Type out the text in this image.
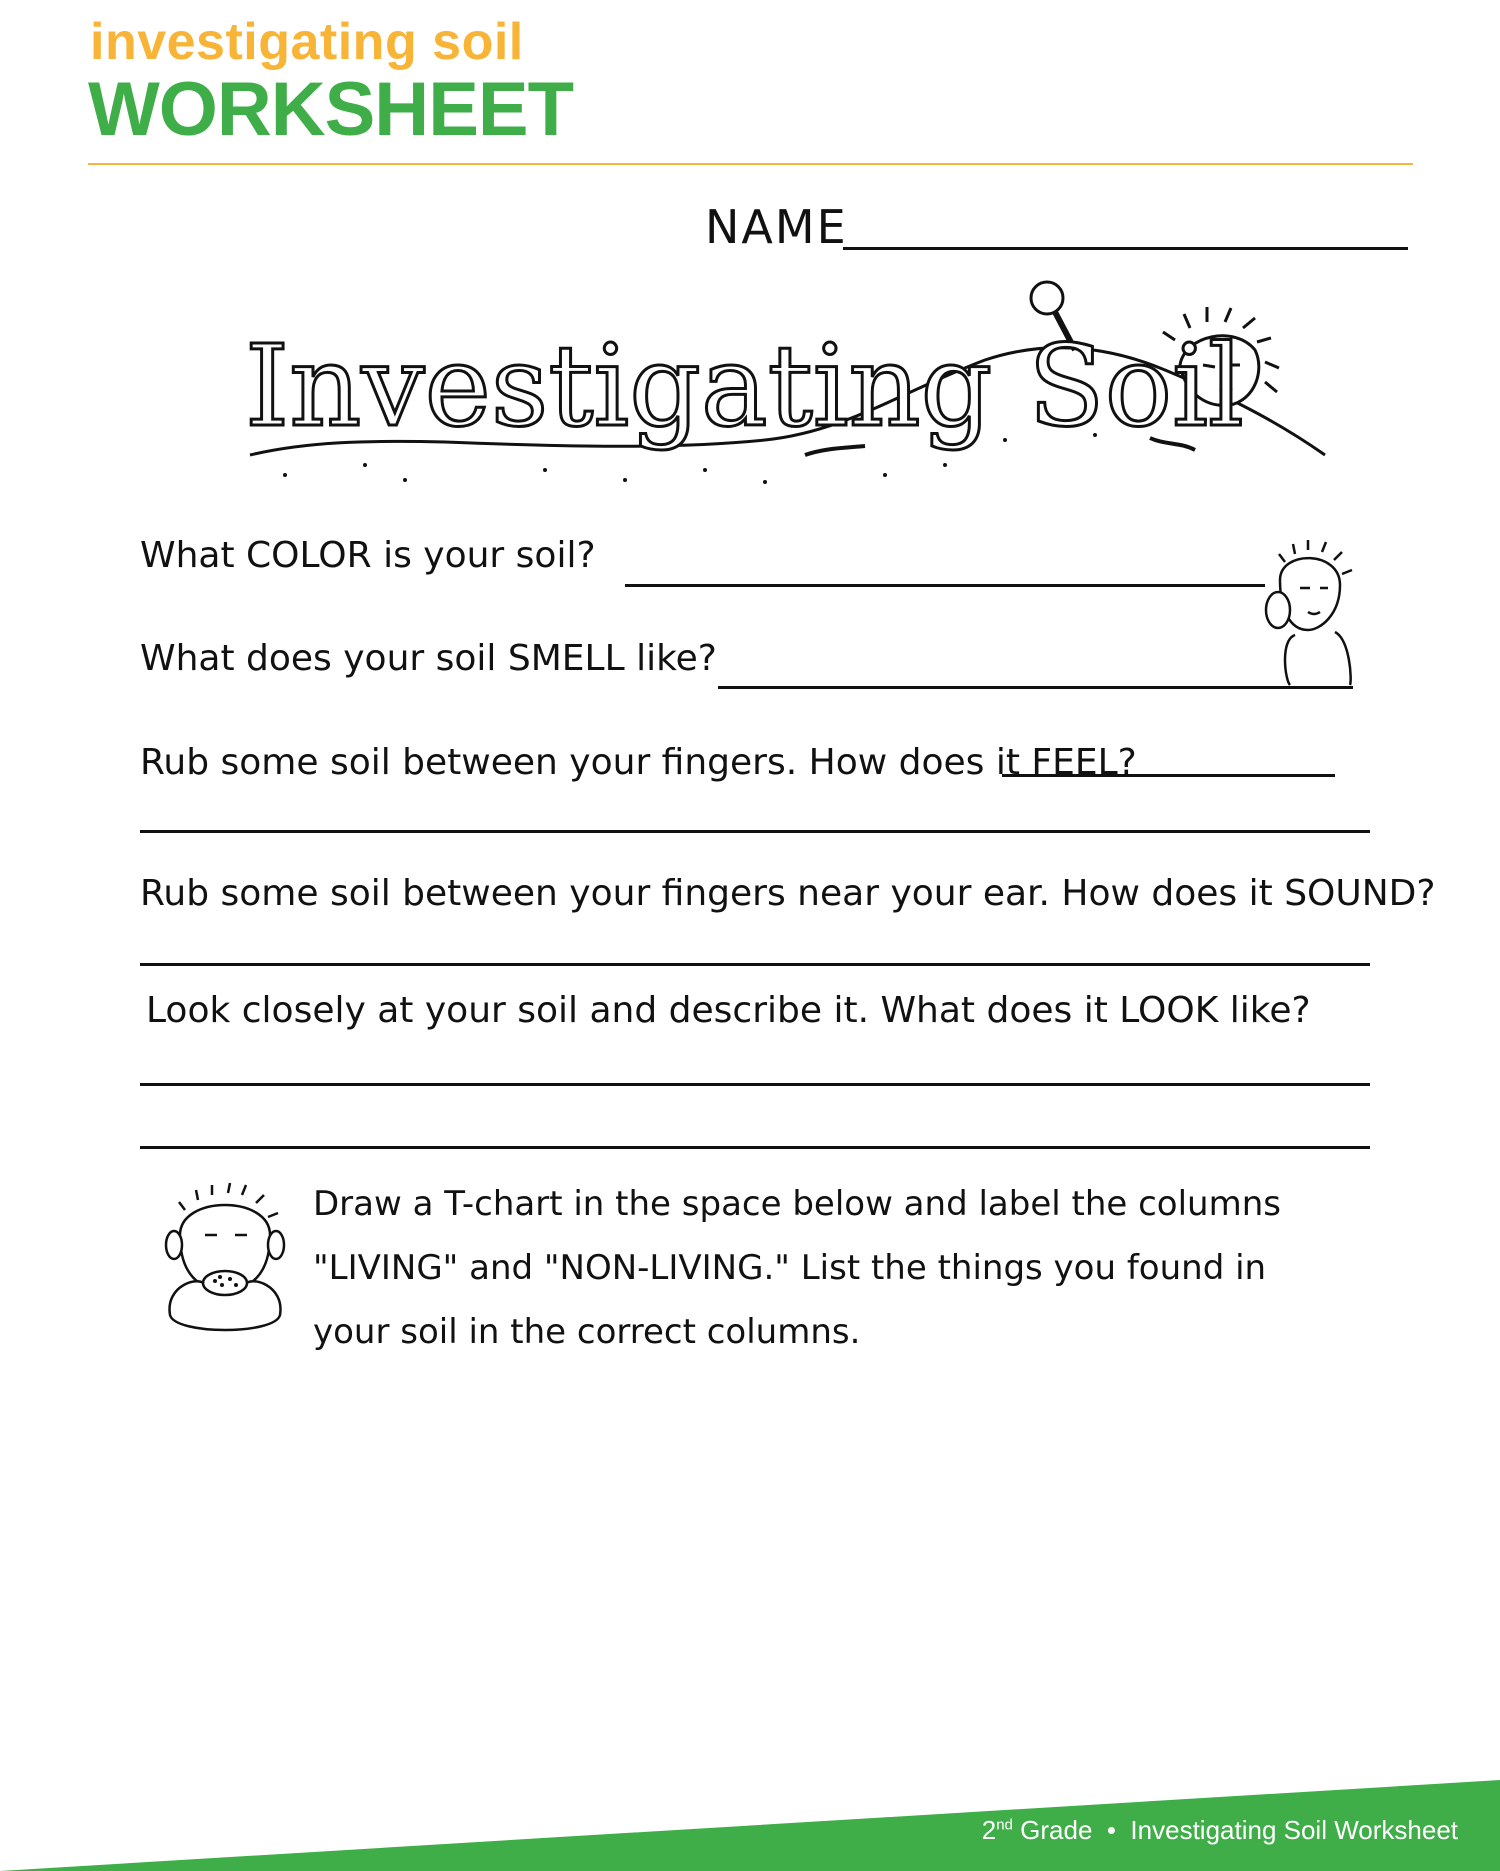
investigating soil
WORKSHEET
NAME
Investigating Soil
What COLOR is your soil?
What does your soil SMELL like?
Rub some soil between your fingers. How does it FEEL?
Rub some soil between your fingers near your ear. How does it SOUND?
Look closely at your soil and describe it. What does it LOOK like?

Draw a T-chart in the space below and label the columns

"LIVING" and "NON-LIVING." List the things you found in

your soil in the correct columns.

2nd Grade • Investigating Soil Worksheet
